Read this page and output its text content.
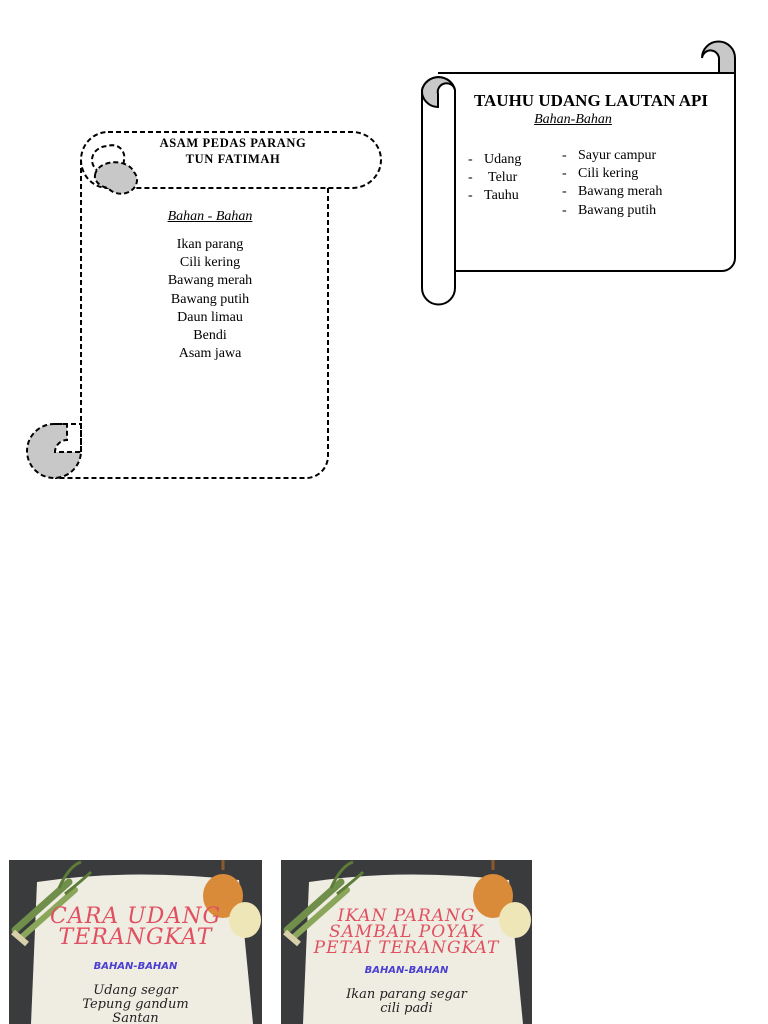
ASAM PEDAS PARANG
TUN FATIMAH
Bahan - Bahan
Ikan parang
Cili kering
Bawang merah
Bawang putih
Daun limau
Bendi
Asam jawa
TAUHU UDANG LAUTAN API
Bahan-Bahan
- Udang
- Telur
- Tauhu
- Sayur campur
- Cili kering
- Bawang merah
- Bawang putih
CARA UDANG
TERANGKAT
BAHAN-BAHAN
Udang segar
Tepung gandum
Santan
IKAN PARANG
SAMBAL POYAK
PETAI TERANGKAT
BAHAN-BAHAN
Ikan parang segar
cili padi
